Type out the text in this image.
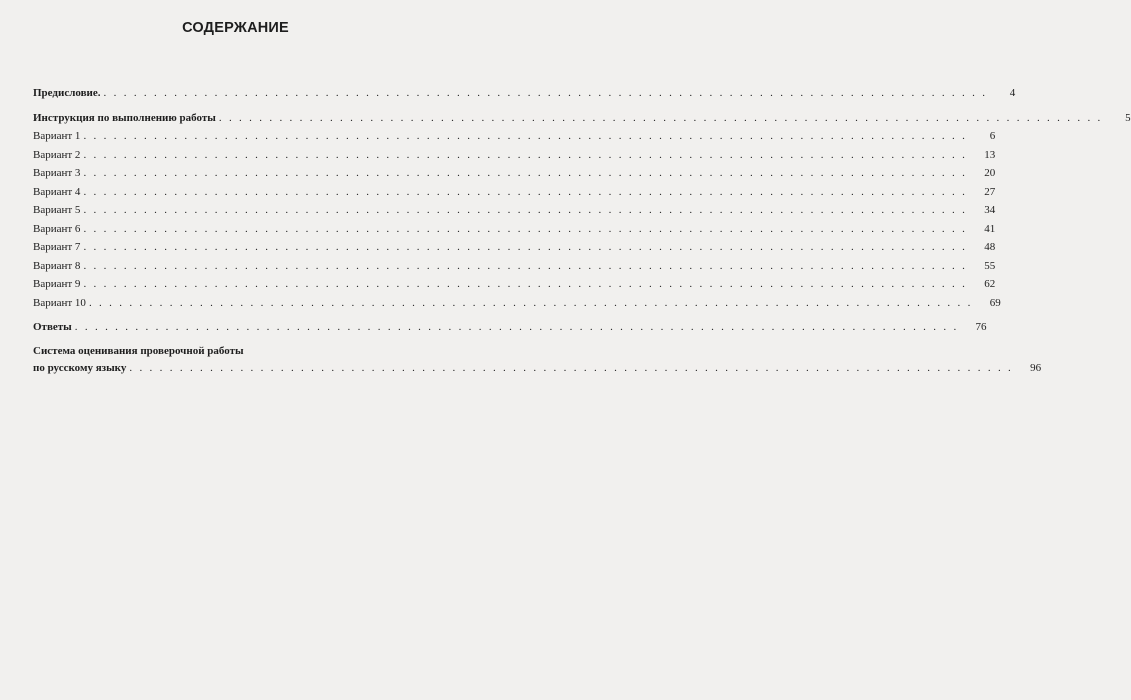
СОДЕРЖАНИЕ
Предисловие. . . . . . . . . . . . . . . . . . . . . . . . . . . . . . . . . . . . . . . . . . . . . . . . . . . . . . . . . . . . . . . . . . . . . . . . . . . . . . . . . . . . . . . . .	4
Инструкция по выполнению работы . . . . . . . . . . . . . . . . . . . . . . . . . . . . . . . . . . . . . . . . . . . . . . . . . . . . . . . . . . . . . . . . . . . . . . . . . . . . . . . . . . . . . . . .	5
Вариант 1 . . . . . . . . . . . . . . . . . . . . . . . . . . . . . . . . . . . . . . . . . . . . . . . . . . . . . . . . . . . . . . . . . . . . . . . . . . . . . . . . . . . . . . . .	6
Вариант 2 . . . . . . . . . . . . . . . . . . . . . . . . . . . . . . . . . . . . . . . . . . . . . . . . . . . . . . . . . . . . . . . . . . . . . . . . . . . . . . . . . . . . . . . .	13
Вариант 3 . . . . . . . . . . . . . . . . . . . . . . . . . . . . . . . . . . . . . . . . . . . . . . . . . . . . . . . . . . . . . . . . . . . . . . . . . . . . . . . . . . . . . . . .	20
Вариант 4 . . . . . . . . . . . . . . . . . . . . . . . . . . . . . . . . . . . . . . . . . . . . . . . . . . . . . . . . . . . . . . . . . . . . . . . . . . . . . . . . . . . . . . . .	27
Вариант 5 . . . . . . . . . . . . . . . . . . . . . . . . . . . . . . . . . . . . . . . . . . . . . . . . . . . . . . . . . . . . . . . . . . . . . . . . . . . . . . . . . . . . . . . .	34
Вариант 6 . . . . . . . . . . . . . . . . . . . . . . . . . . . . . . . . . . . . . . . . . . . . . . . . . . . . . . . . . . . . . . . . . . . . . . . . . . . . . . . . . . . . . . . .	41
Вариант 7 . . . . . . . . . . . . . . . . . . . . . . . . . . . . . . . . . . . . . . . . . . . . . . . . . . . . . . . . . . . . . . . . . . . . . . . . . . . . . . . . . . . . . . . .	48
Вариант 8 . . . . . . . . . . . . . . . . . . . . . . . . . . . . . . . . . . . . . . . . . . . . . . . . . . . . . . . . . . . . . . . . . . . . . . . . . . . . . . . . . . . . . . . .	55
Вариант 9 . . . . . . . . . . . . . . . . . . . . . . . . . . . . . . . . . . . . . . . . . . . . . . . . . . . . . . . . . . . . . . . . . . . . . . . . . . . . . . . . . . . . . . . .	62
Вариант 10 . . . . . . . . . . . . . . . . . . . . . . . . . . . . . . . . . . . . . . . . . . . . . . . . . . . . . . . . . . . . . . . . . . . . . . . . . . . . . . . . . . . . . . . .	69
Ответы . . . . . . . . . . . . . . . . . . . . . . . . . . . . . . . . . . . . . . . . . . . . . . . . . . . . . . . . . . . . . . . . . . . . . . . . . . . . . . . . . . . . . . . .	76
Система оценивания проверочной работы
по русскому языку . . . . . . . . . . . . . . . . . . . . . . . . . . . . . . . . . . . . . . . . . . . . . . . . . . . . . . . . . . . . . . . . . . . . . . . . . . . . . . . . . . . . . . . .	96
